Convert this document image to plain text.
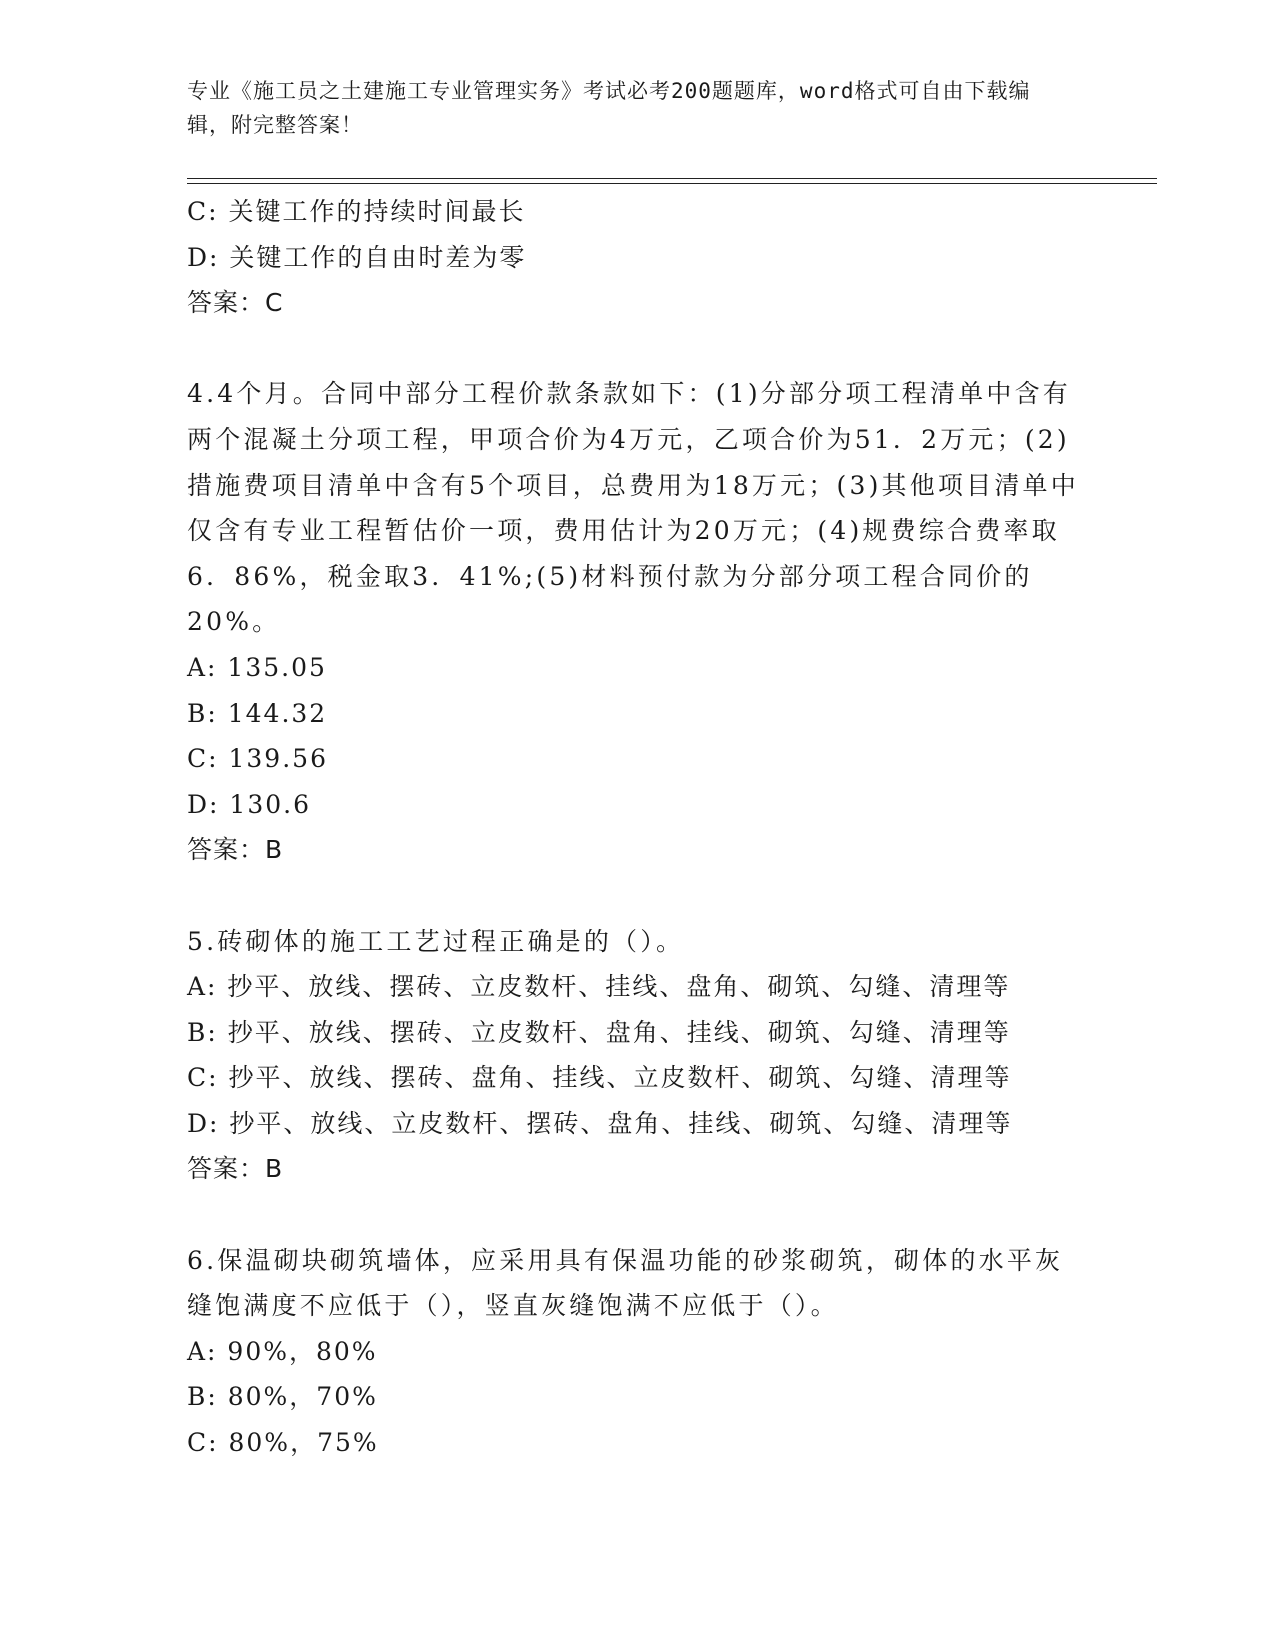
专业《施工员之土建施工专业管理实务》考试必考200题题库，word格式可自由下载编辑，附完整答案！
C: 关键工作的持续时间最长
D: 关键工作的自由时差为零
答案：C
4.4个月。合同中部分工程价款条款如下：(1)分部分项工程清单中含有两个混凝土分项工程，甲项合价为4万元，乙项合价为51．2万元；(2)措施费项目清单中含有5个项目，总费用为18万元；(3)其他项目清单中仅含有专业工程暂估价一项，费用估计为20万元；(4)规费综合费率取6．86%，税金取3．41%;(5)材料预付款为分部分项工程合同价的20%。
A: 135.05
B: 144.32
C: 139.56
D: 130.6
答案：B
5.砖砌体的施工工艺过程正确是的（）。
A: 抄平、放线、摆砖、立皮数杆、挂线、盘角、砌筑、勾缝、清理等
B: 抄平、放线、摆砖、立皮数杆、盘角、挂线、砌筑、勾缝、清理等
C: 抄平、放线、摆砖、盘角、挂线、立皮数杆、砌筑、勾缝、清理等
D: 抄平、放线、立皮数杆、摆砖、盘角、挂线、砌筑、勾缝、清理等
答案：B
6.保温砌块砌筑墙体，应采用具有保温功能的砂浆砌筑，砌体的水平灰缝饱满度不应低于（），竖直灰缝饱满不应低于（）。
A: 90%，80%
B: 80%，70%
C: 80%，75%
